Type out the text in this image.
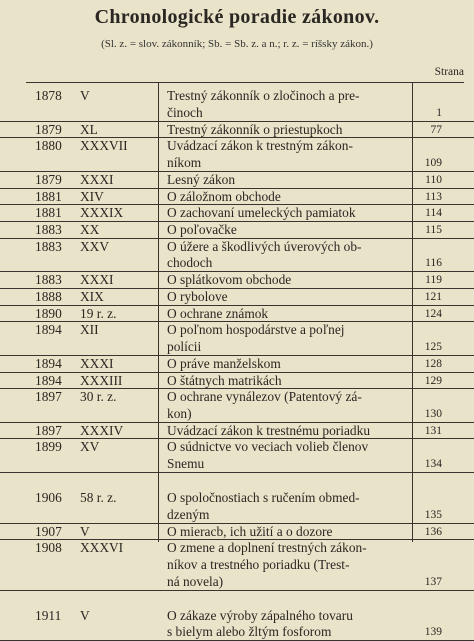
Chronologické poradie zákonov.
(Sl. z. = slov. zákonník; Sb. = Sb. z. a n.; r. z. = ríšsky zákon.)
Strana
1878 V	Trestný zákonník o zločinoch a pre-
činoch	1
1879 XL	Trestný zákonník o priestupkoch	77
1880 XXXVII	Uvádzací zákon k trestným zákon-
níkom	109
1879 XXXI	Lesný zákon	110
1881 XIV	O záložnom obchode	113
1881 XXXIX	O zachovaní umeleckých pamiatok	114
1883 XX	O poľovačke	115
1883 XXV	O úžere a škodlivých úverových ob-
chodoch	116
1883 XXXI	O splátkovom obchode	119
1888 XIX	O rybolove	121
1890 19 r. z.	O ochrane známok	124
1894 XII	O poľnom hospodárstve a poľnej
polícii	125
1894 XXXI	O práve manželskom	128
1894 XXXIII	O štátnych matrikách	129
1897 30 r. z.	O ochrane vynálezov (Patentový zá-
kon)	130
1897 XXXIV	Uvádzací zákon k trestnému poriadku	131
1899 XV	O súdnictve vo veciach volieb členov
Snemu	134
1906 58 r. z.	O spoločnostiach s ručením obmed-
dzeným	135
1907 V	O mieracb, ich užití a o dozore	136
1908 XXXVI	O zmene a doplnení trestných zákon-
níkov a trestného poriadku (Trest-
ná novela)	137
1911 V	O zákaze výroby zápalného tovaru
s bielym alebo žltým fosforom	139
